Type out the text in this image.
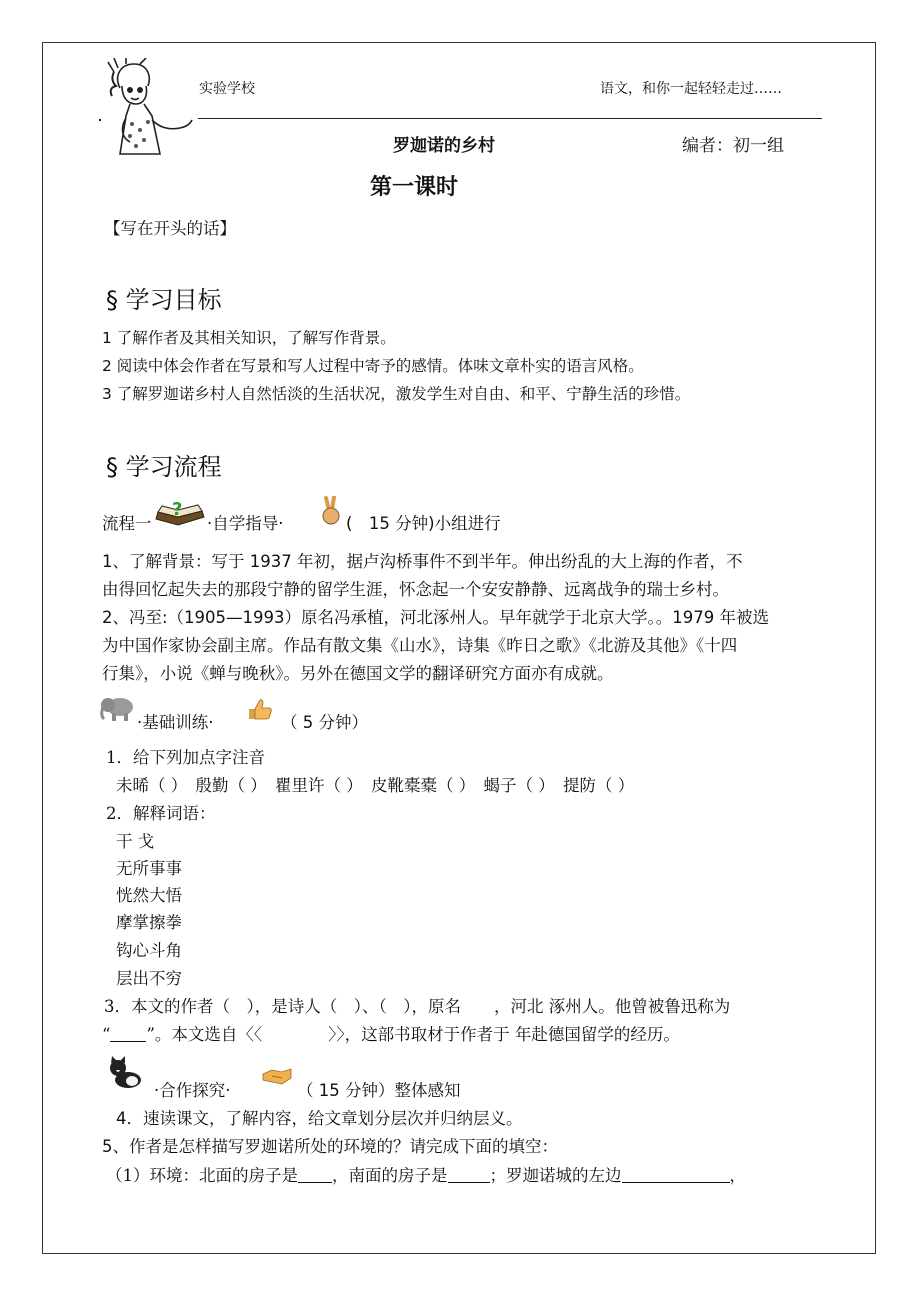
实验学校	语文，和你一起轻轻走过……
罗迦诺的乡村	编者：初一组
第一课时
【写在开头的话】
§ 学习目标
1 了解作者及其相关知识，了解写作背景。
2 阅读中体会作者在写景和写人过程中寄予的感情。体味文章朴实的语言风格。
3 了解罗迦诺乡村人自然恬淡的生活状况，激发学生对自由、和平、宁静生活的珍惜。
§ 学习流程
流程一
?
·自学指导·	(　15 分钟)小组进行
1、了解背景：写于 1937 年初，据卢沟桥事件不到半年。伸出纷乱的大上海的作者，不
由得回忆起失去的那段宁静的留学生涯，怀念起一个安安静静、远离战争的瑞士乡村。
2、冯至:（1905—1993）原名冯承植，河北涿州人。早年就学于北京大学。。1979 年被选
为中国作家协会副主席。作品有散文集《山水》，诗集《昨日之歌》《北游及其他》《十四
行集》，小说《蝉与晚秋》。另外在德国文学的翻译研究方面亦有成就。
·基础训练·	（ 5 分钟）
1．给下列加点字注音
未晞（ ）　殷勤（ ）　瞿里许（ ）　皮靴橐橐（ ）　蝎子（ ）　提防（ ）
2．解释词语：
干 戈
无所事事
恍然大悟
摩掌擦拳
钩心斗角
层出不穷
3．本文的作者（　），是诗人（　）、（　），原名　　，河北 涿州人。他曾被鲁迅称为
“ ”。本文选自〈〈　　　　〉〉，这部书取材于作者于 年赴德国留学的经历。
·合作探究·	（ 15 分钟）整体感知
4．速读课文，了解内容，给文章划分层次并归纳层义。
5、作者是怎样描写罗迦诺所处的环境的？请完成下面的填空：
（1）环境：北面的房子是 ，南面的房子是	；罗迦诺城的左边	，
